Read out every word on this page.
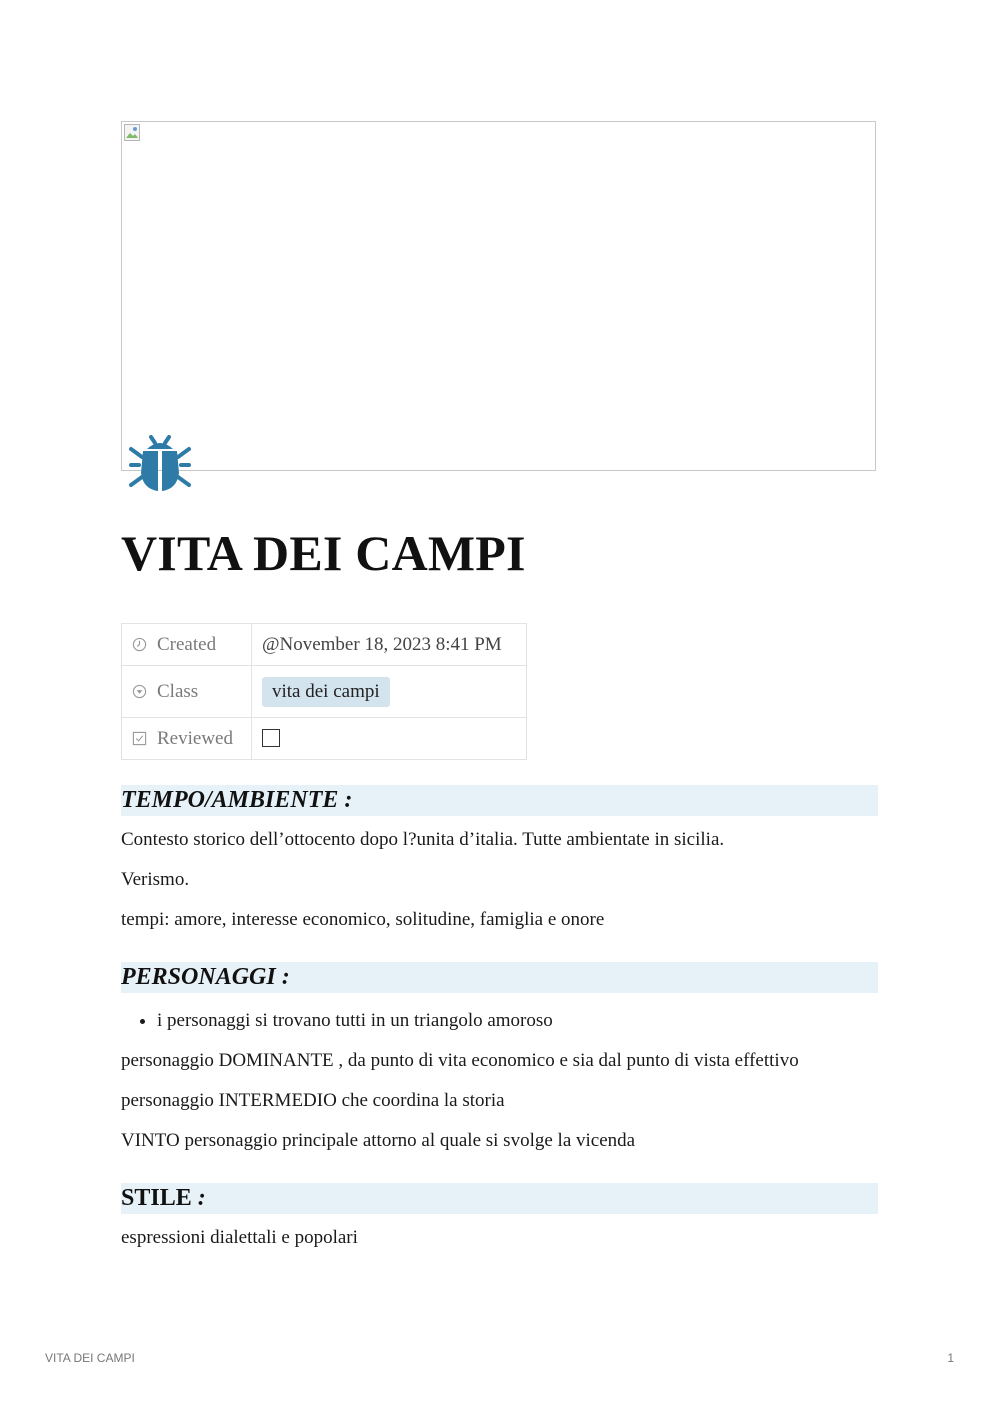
VITA DEI CAMPI
Created	@November 18, 2023 8:41 PM
Class	vita dei campi
Reviewed	
TEMPO/AMBIENTE :

Contesto storico dell’ottocento dopo l?unita d’italia. Tutte ambientate in sicilia.

Verismo.

tempi: amore, interesse economico, solitudine, famiglia e onore

PERSONAGGI :
• i personaggi si trovano tutti in un triangolo amoroso

personaggio DOMINANTE , da punto di vita economico e sia dal punto di vista effettivo

personaggio INTERMEDIO che coordina la storia

VINTO personaggio principale attorno al quale si svolge la vicenda

STILE :

espressioni dialettali e popolari

VITA DEI CAMPI	1
